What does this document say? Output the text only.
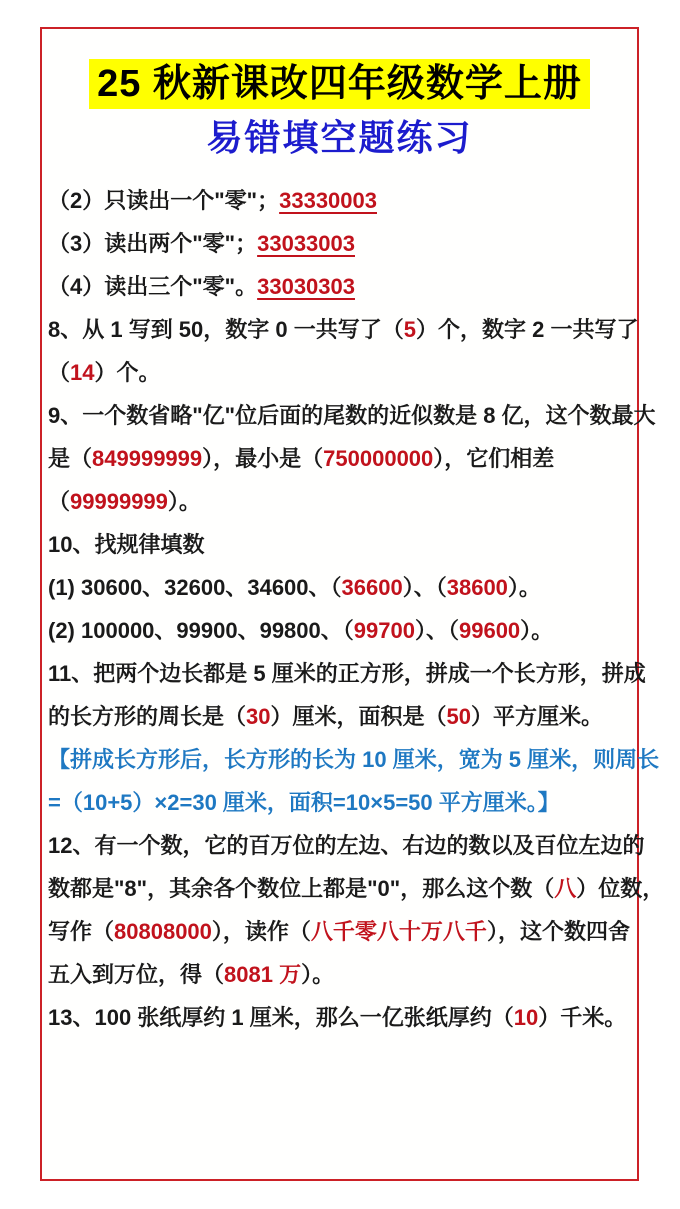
25 秋新课改四年级数学上册
易错填空题练习
（2）只读出一个"零"；33330003
（3）读出两个"零"；33033003
（4）读出三个"零"。33030303
8、从 1 写到 50，数字 0 一共写了（5）个，数字 2 一共写了
（14）个。
9、一个数省略"亿"位后面的尾数的近似数是 8 亿，这个数最大
是（849999999），最小是（750000000），它们相差
（99999999）。
10、找规律填数
(1) 30600、32600、34600、（36600）、（38600）。
(2) 100000、99900、99800、（99700）、（99600）。
11、把两个边长都是 5 厘米的正方形，拼成一个长方形，拼成
的长方形的周长是（30）厘米，面积是（50）平方厘米。
【拼成长方形后，长方形的长为 10 厘米，宽为 5 厘米，则周长
=（10+5）×2=30 厘米，面积=10×5=50 平方厘米。】
12、有一个数，它的百万位的左边、右边的数以及百位左边的
数都是"8"，其余各个数位上都是"0"，那么这个数（八）位数，
写作（80808000），读作（八千零八十万八千），这个数四舍
五入到万位，得（8081 万）。
13、100 张纸厚约 1 厘米，那么一亿张纸厚约（10）千米。
